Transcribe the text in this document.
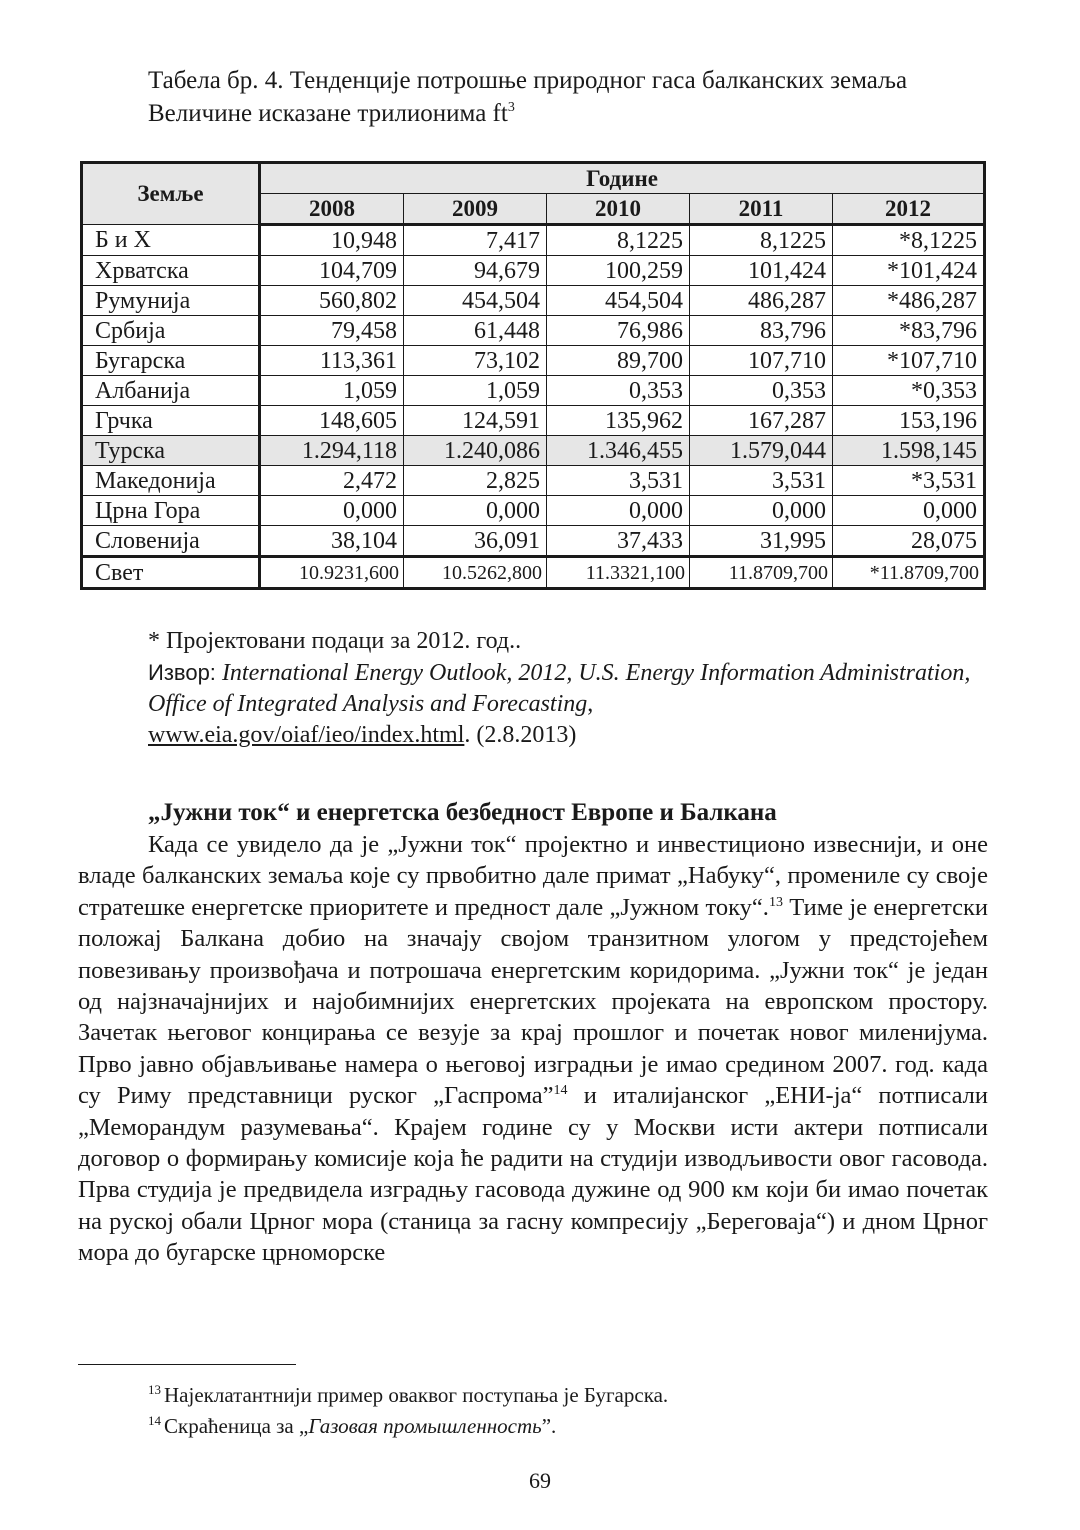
Табела бр. 4. Тенденције потрошње природног гаса балканских земаља
Величине исказане трилионима $ft^3$
Земље	Године				
	2008	2009	2010	2011	2012
Б и Х	10,948	7,417	8,1225	8,1225	*8,1225
Хрватска	104,709	94,679	100,259	101,424	*101,424
Румунија	560,802	454,504	454,504	486,287	*486,287
Србија	79,458	61,448	76,986	83,796	*83,796
Бугарска	113,361	73,102	89,700	107,710	*107,710
Албанија	1,059	1,059	0,353	0,353	*0,353
Грчка	148,605	124,591	135,962	167,287	153,196
Турска	1.294,118	1.240,086	1.346,455	1.579,044	1.598,145
Македонија	2,472	2,825	3,531	3,531	*3,531
Црна Гора	0,000	0,000	0,000	0,000	0,000
Словенија	38,104	36,091	37,433	31,995	28,075
Свет	10.9231,600	10.5262,800	11.3321,100	11.8709,700	*11.8709,700
* Пројектовани подаци за 2012. год..
Извор: International Energy Outlook, 2012, U.S. Energy Information Administration,
Office of Integrated Analysis and Forecasting,
www.eia.gov/oiaf/ieo/index.html. (2.8.2013)
„Јужни ток“ и енергетска безбедност Европе и Балкана
Када се увидело да је „Јужни ток“ пројектно и инвестиционо извеснији, и оне владе балканских земаља које су првобитно дале примат „Набуку“, промениле су своје стратешке енергетске приоритете и предност дале „Јужном току“.$^{13}$ Тиме је енергетски положај Балкана добио на значају својом транзитном улогом у предстојећем повезивању произвођача и потрошача енергетским коридорима. „Јужни ток“ је један од најзначајнијих и најобимнијих енергетских пројеката на европском простору. Зачетак његовог концирања се везује за крај прошлог и почетак новог миленијума. Прво јавно објављивање намера о његовој изградњи је имао средином 2007. год. када су Риму представници руског „Гаспрома”$^{14}$ и италијанског „ЕНИ-ја“ потписали „Меморандум разумевања“. Крајем године су у Москви исти актери потписали договор о формирању комисије која ће радити на студији изводљивости овог гасовода. Прва студија је предвидела изградњу гасовода дужине од 900 км који би имао почетак на руској обали Црног мора (станица за гасну компресију „Береговаја“) и дном Црног мора до бугарске црноморске
$^{13}$ Најеклатантнији пример оваквог поступања је Бугарска.
$^{14}$ Скраћеница за „Газовая промышленность”.
69
